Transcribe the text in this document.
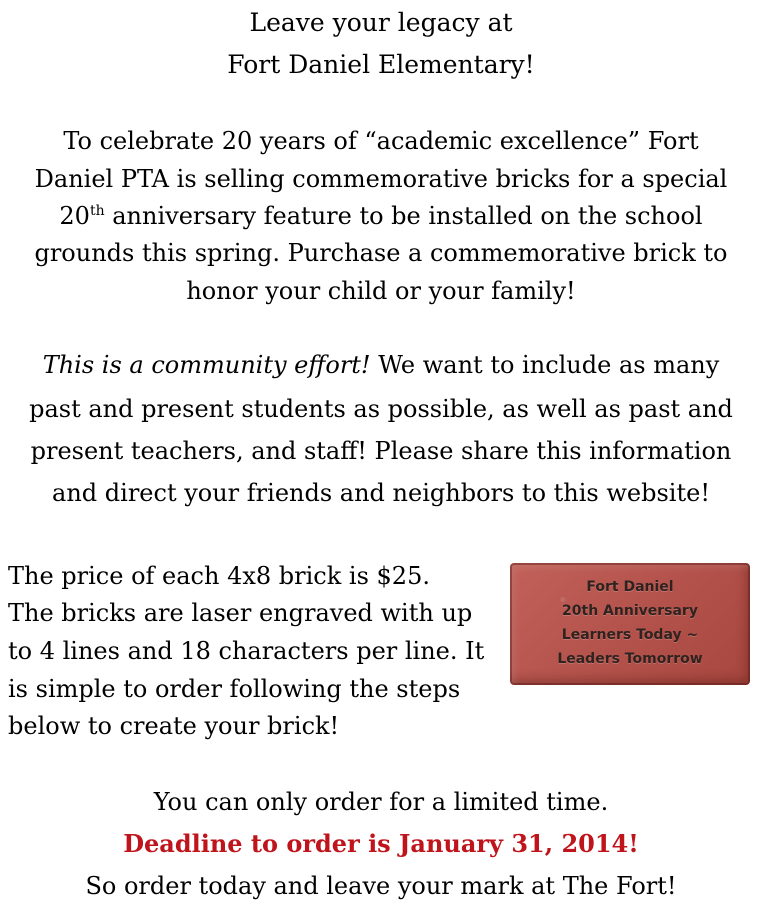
Leave your legacy at
Fort Daniel Elementary!
To celebrate 20 years of “academic excellence” Fort
Daniel PTA is selling commemorative bricks for a special
20th anniversary feature to be installed on the school
grounds this spring. Purchase a commemorative brick to
honor your child or your family!
This is a community effort! We want to include as many
past and present students as possible, as well as past and
present teachers, and staff! Please share this information
and direct your friends and neighbors to this website!
The price of each 4x8 brick is $25.
The bricks are laser engraved with up
to 4 lines and 18 characters per line. It
is simple to order following the steps
below to create your brick!
Fort Daniel
20th Anniversary
Learners Today ~
Leaders Tomorrow
You can only order for a limited time.
Deadline to order is January 31, 2014!
So order today and leave your mark at The Fort!
